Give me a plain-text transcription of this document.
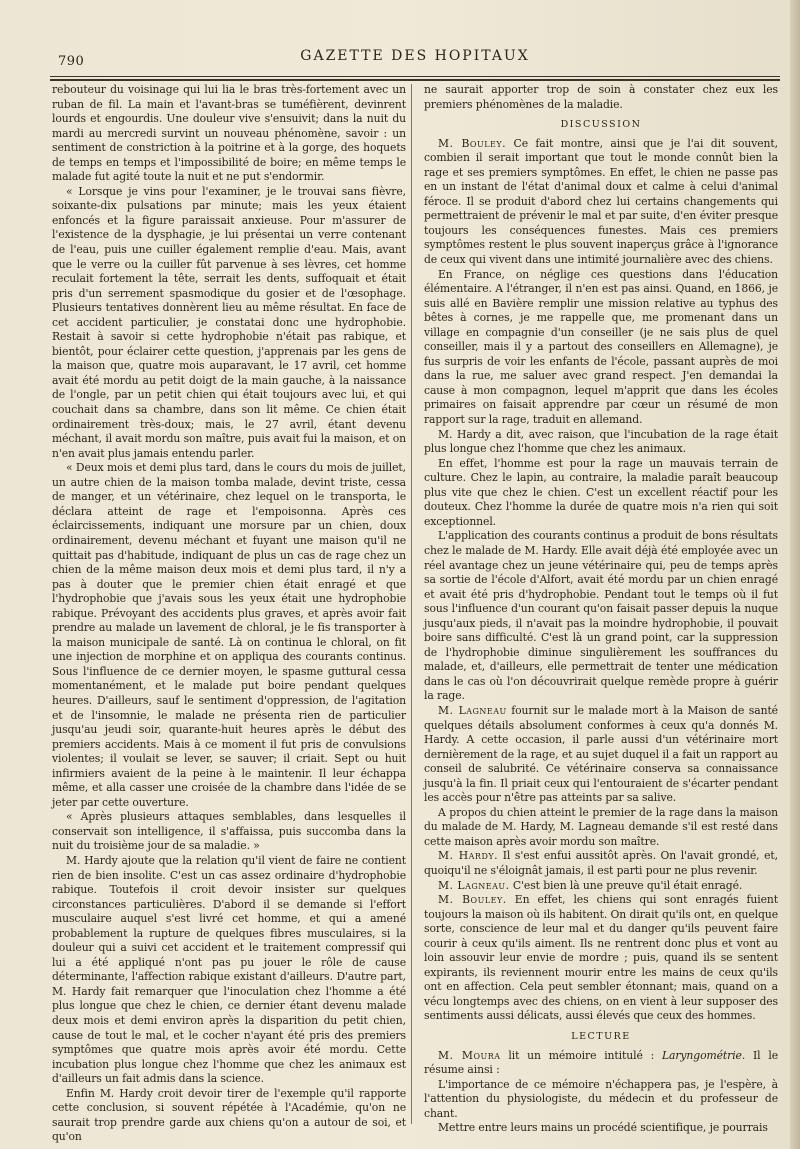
790	GAZETTE DES HOPITAUX

rebouteur du voisinage qui lui lia le bras très-fortement avec un ruban de fil. La main et l'avant-bras se tuméfièrent, devinrent lourds et engourdis. Une douleur vive s'ensuivit; dans la nuit du mardi au mercredi survint un nouveau phénomène, savoir : un sentiment de constriction à la poitrine et à la gorge, des hoquets de temps en temps et l'impossibilité de boire; en même temps le malade fut agité toute la nuit et ne put s'endormir.

« Lorsque je vins pour l'examiner, je le trouvai sans fièvre, soixante-dix pulsations par minute; mais les yeux étaient enfoncés et la figure paraissait anxieuse. Pour m'assurer de l'existence de la dysphagie, je lui présentai un verre contenant de l'eau, puis une cuiller également remplie d'eau. Mais, avant que le verre ou la cuiller fût parvenue à ses lèvres, cet homme reculait fortement la tête, serrait les dents, suffoquait et était pris d'un serrement spasmodique du gosier et de l'œsophage. Plusieurs tentatives donnèrent lieu au même résultat. En face de cet accident particulier, je constatai donc une hydrophobie. Restait à savoir si cette hydrophobie n'était pas rabique, et bientôt, pour éclairer cette question, j'apprenais par les gens de la maison que, quatre mois auparavant, le 17 avril, cet homme avait été mordu au petit doigt de la main gauche, à la naissance de l'ongle, par un petit chien qui était toujours avec lui, et qui couchait dans sa chambre, dans son lit même. Ce chien était ordinairement très-doux; mais, le 27 avril, étant devenu méchant, il avait mordu son maître, puis avait fui la maison, et on n'en avait plus jamais entendu parler.

« Deux mois et demi plus tard, dans le cours du mois de juillet, un autre chien de la maison tomba malade, devint triste, cessa de manger, et un vétérinaire, chez lequel on le transporta, le déclara atteint de rage et l'empoisonna. Après ces éclaircissements, indiquant une morsure par un chien, doux ordinairement, devenu méchant et fuyant une maison qu'il ne quittait pas d'habitude, indiquant de plus un cas de rage chez un chien de la même maison deux mois et demi plus tard, il n'y a pas à douter que le premier chien était enragé et que l'hydrophobie que j'avais sous les yeux était une hydrophobie rabique. Prévoyant des accidents plus graves, et après avoir fait prendre au malade un lavement de chloral, je le fis transporter à la maison municipale de santé. Là on continua le chloral, on fit une injection de morphine et on appliqua des courants continus. Sous l'influence de ce dernier moyen, le spasme guttural cessa momentanément, et le malade put boire pendant quelques heures. D'ailleurs, sauf le sentiment d'oppression, de l'agitation et de l'insomnie, le malade ne présenta rien de particulier jusqu'au jeudi soir, quarante-huit heures après le début des premiers accidents. Mais à ce moment il fut pris de convulsions violentes; il voulait se lever, se sauver; il criait. Sept ou huit infirmiers avaient de la peine à le maintenir. Il leur échappa même, et alla casser une croisée de la chambre dans l'idée de se jeter par cette ouverture.

« Après plusieurs attaques semblables, dans lesquelles il conservait son intelligence, il s'affaissa, puis succomba dans la nuit du troisième jour de sa maladie. »

M. Hardy ajoute que la relation qu'il vient de faire ne contient rien de bien insolite. C'est un cas assez ordinaire d'hydrophobie rabique. Toutefois il croit devoir insister sur quelques circonstances particulières. D'abord il se demande si l'effort musculaire auquel s'est livré cet homme, et qui a amené probablement la rupture de quelques fibres musculaires, si la douleur qui a suivi cet accident et le traitement compressif qui lui a été appliqué n'ont pas pu jouer le rôle de cause déterminante, l'affection rabique existant d'ailleurs. D'autre part, M. Hardy fait remarquer que l'inoculation chez l'homme a été plus longue que chez le chien, ce dernier étant devenu malade deux mois et demi environ après la disparition du petit chien, cause de tout le mal, et le cocher n'ayant été pris des premiers symptômes que quatre mois après avoir été mordu. Cette incubation plus longue chez l'homme que chez les animaux est d'ailleurs un fait admis dans la science.

Enfin M. Hardy croit devoir tirer de l'exemple qu'il rapporte cette conclusion, si souvent répétée à l'Académie, qu'on ne saurait trop prendre garde aux chiens qu'on a autour de soi, et qu'on

ne saurait apporter trop de soin à constater chez eux les premiers phénomènes de la maladie.

DISCUSSION

M. Bouley. Ce fait montre, ainsi que je l'ai dit souvent, combien il serait important que tout le monde connût bien la rage et ses premiers symptômes. En effet, le chien ne passe pas en un instant de l'état d'animal doux et calme à celui d'animal féroce. Il se produit d'abord chez lui certains changements qui permettraient de prévenir le mal et par suite, d'en éviter presque toujours les conséquences funestes. Mais ces premiers symptômes restent le plus souvent inaperçus grâce à l'ignorance de ceux qui vivent dans une intimité journalière avec des chiens.

En France, on néglige ces questions dans l'éducation élémentaire. A l'étranger, il n'en est pas ainsi. Quand, en 1866, je suis allé en Bavière remplir une mission relative au typhus des bêtes à cornes, je me rappelle que, me promenant dans un village en compagnie d'un conseiller (je ne sais plus de quel conseiller, mais il y a partout des conseillers en Allemagne), je fus surpris de voir les enfants de l'école, passant auprès de moi dans la rue, me saluer avec grand respect. J'en demandai la cause à mon compagnon, lequel m'apprit que dans les écoles primaires on faisait apprendre par cœur un résumé de mon rapport sur la rage, traduit en allemand.

M. Hardy a dit, avec raison, que l'incubation de la rage était plus longue chez l'homme que chez les animaux.

En effet, l'homme est pour la rage un mauvais terrain de culture. Chez le lapin, au contraire, la maladie paraît beaucoup plus vite que chez le chien. C'est un excellent réactif pour les douteux. Chez l'homme la durée de quatre mois n'a rien qui soit exceptionnel.

L'application des courants continus a produit de bons résultats chez le malade de M. Hardy. Elle avait déjà été employée avec un réel avantage chez un jeune vétérinaire qui, peu de temps après sa sortie de l'école d'Alfort, avait été mordu par un chien enragé et avait été pris d'hydrophobie. Pendant tout le temps où il fut sous l'influence d'un courant qu'on faisait passer depuis la nuque jusqu'aux pieds, il n'avait pas la moindre hydrophobie, il pouvait boire sans difficulté. C'est là un grand point, car la suppression de l'hydrophobie diminue singulièrement les souffrances du malade, et, d'ailleurs, elle permettrait de tenter une médication dans le cas où l'on découvrirait quelque remède propre à guérir la rage.

M. Lagneau fournit sur le malade mort à la Maison de santé quelques détails absolument conformes à ceux qu'a donnés M. Hardy. A cette occasion, il parle aussi d'un vétérinaire mort dernièrement de la rage, et au sujet duquel il a fait un rapport au conseil de salubrité. Ce vétérinaire conserva sa connaissance jusqu'à la fin. Il priait ceux qui l'entouraient de s'écarter pendant les accès pour n'être pas atteints par sa salive.

A propos du chien atteint le premier de la rage dans la maison du malade de M. Hardy, M. Lagneau demande s'il est resté dans cette maison après avoir mordu son maître.

M. Hardy. Il s'est enfui aussitôt après. On l'avait grondé, et, quoiqu'il ne s'éloignât jamais, il est parti pour ne plus revenir.

M. Lagneau. C'est bien là une preuve qu'il était enragé.

M. Bouley. En effet, les chiens qui sont enragés fuient toujours la maison où ils habitent. On dirait qu'ils ont, en quelque sorte, conscience de leur mal et du danger qu'ils peuvent faire courir à ceux qu'ils aiment. Ils ne rentrent donc plus et vont au loin assouvir leur envie de mordre ; puis, quand ils se sentent expirants, ils reviennent mourir entre les mains de ceux qu'ils ont en affection. Cela peut sembler étonnant; mais, quand on a vécu longtemps avec des chiens, on en vient à leur supposer des sentiments aussi délicats, aussi élevés que ceux des hommes.

LECTURE

M. Moura lit un mémoire intitulé : Laryngométrie. Il le résume ainsi :

L'importance de ce mémoire n'échappera pas, je l'espère, à l'attention du physiologiste, du médecin et du professeur de chant.

Mettre entre leurs mains un procédé scientifique, je pourrais
